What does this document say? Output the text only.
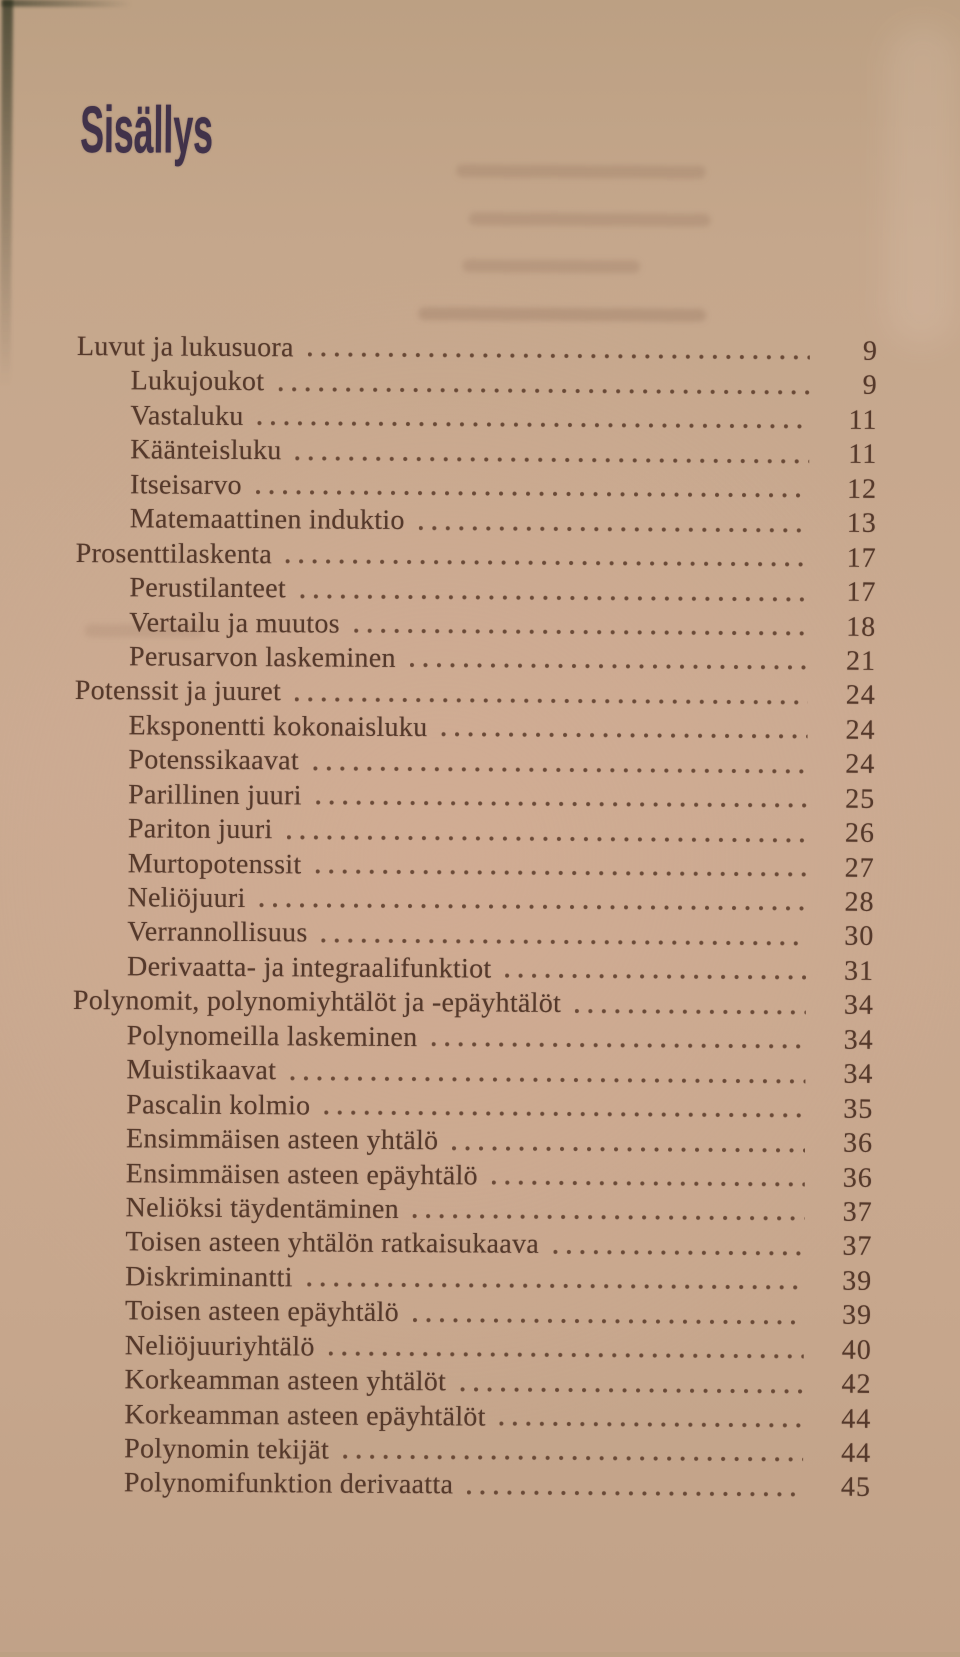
Sisällys
Luvut ja lukusuora	9
Lukujoukot	9
Vastaluku	11
Käänteisluku	11
Itseisarvo	12
Matemaattinen induktio	13
Prosenttilaskenta	17
Perustilanteet	17
Vertailu ja muutos	18
Perusarvon laskeminen	21
Potenssit ja juuret	24
Eksponentti kokonaisluku	24
Potenssikaavat	24
Parillinen juuri	25
Pariton juuri	26
Murtopotenssit	27
Neliöjuuri	28
Verrannollisuus	30
Derivaatta- ja integraalifunktiot	31
Polynomit, polynomiyhtälöt ja -epäyhtälöt	34
Polynomeilla laskeminen	34
Muistikaavat	34
Pascalin kolmio	35
Ensimmäisen asteen yhtälö	36
Ensimmäisen asteen epäyhtälö	36
Neliöksi täydentäminen	37
Toisen asteen yhtälön ratkaisukaava	37
Diskriminantti	39
Toisen asteen epäyhtälö	39
Neliöjuuriyhtälö	40
Korkeamman asteen yhtälöt	42
Korkeamman asteen epäyhtälöt	44
Polynomin tekijät	44
Polynomifunktion derivaatta	45
